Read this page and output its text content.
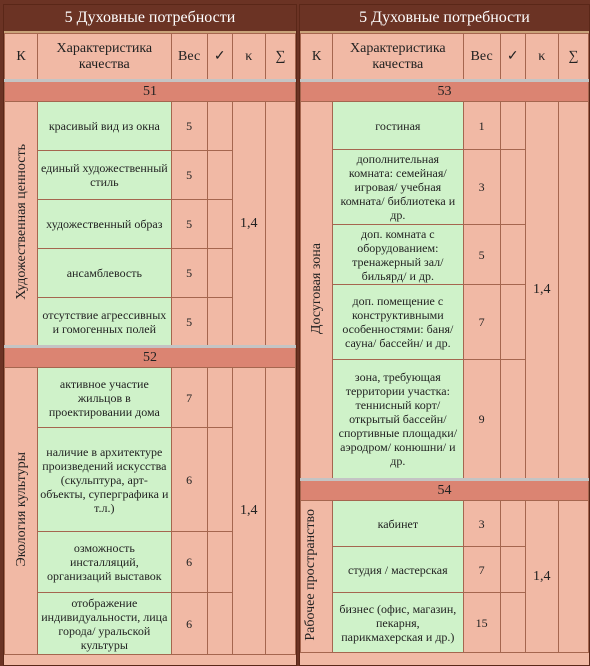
5 Духовные потребности
К	Характеристика качества	Вес	✓	κ	∑
51					
Художественная ценность	красивый вид из окна	5		1,4	
	единый художественный стиль	5			
	художественный образ	5			
	ансамблевость	5			
	отсутствие агрессивных и гомогенных полей	5			
52					
Экология культуры	активное участие жильцов в проектировании дома	7		1,4	
	наличие в архитектуре произведений искусства (скульптура, арт-объекты, суперграфика и т.л.)	6			
	озможность инсталляций, организаций выставок	6			
	отображение индивидуальности, лица города/ уральской культуры	6			
5 Духовные потребности
К	Характеристика качества	Вес	✓	κ	∑
53					
Досуговая зона	гостиная	1		1,4	
	дополнительная комната: семейная/ игровая/ учебная комната/ библиотека и др.	3			
	доп. комната с оборудованием: тренажерный зал/ бильярд/ и др.	5			
	доп. помещение с конструктивными особенностями: баня/ сауна/ бассейн/ и др.	7			
	зона, требующая территории участка: теннисный корт/ открытый бассейн/ спортивные площадки/ аэродром/ конюшни/ и др.	9			
54					
Рабочее пространство	кабинет	3		1,4	
	студия / мастерская	7			
	бизнес (офис, магазин, пекарня, парикмахерская и др.)	15			
